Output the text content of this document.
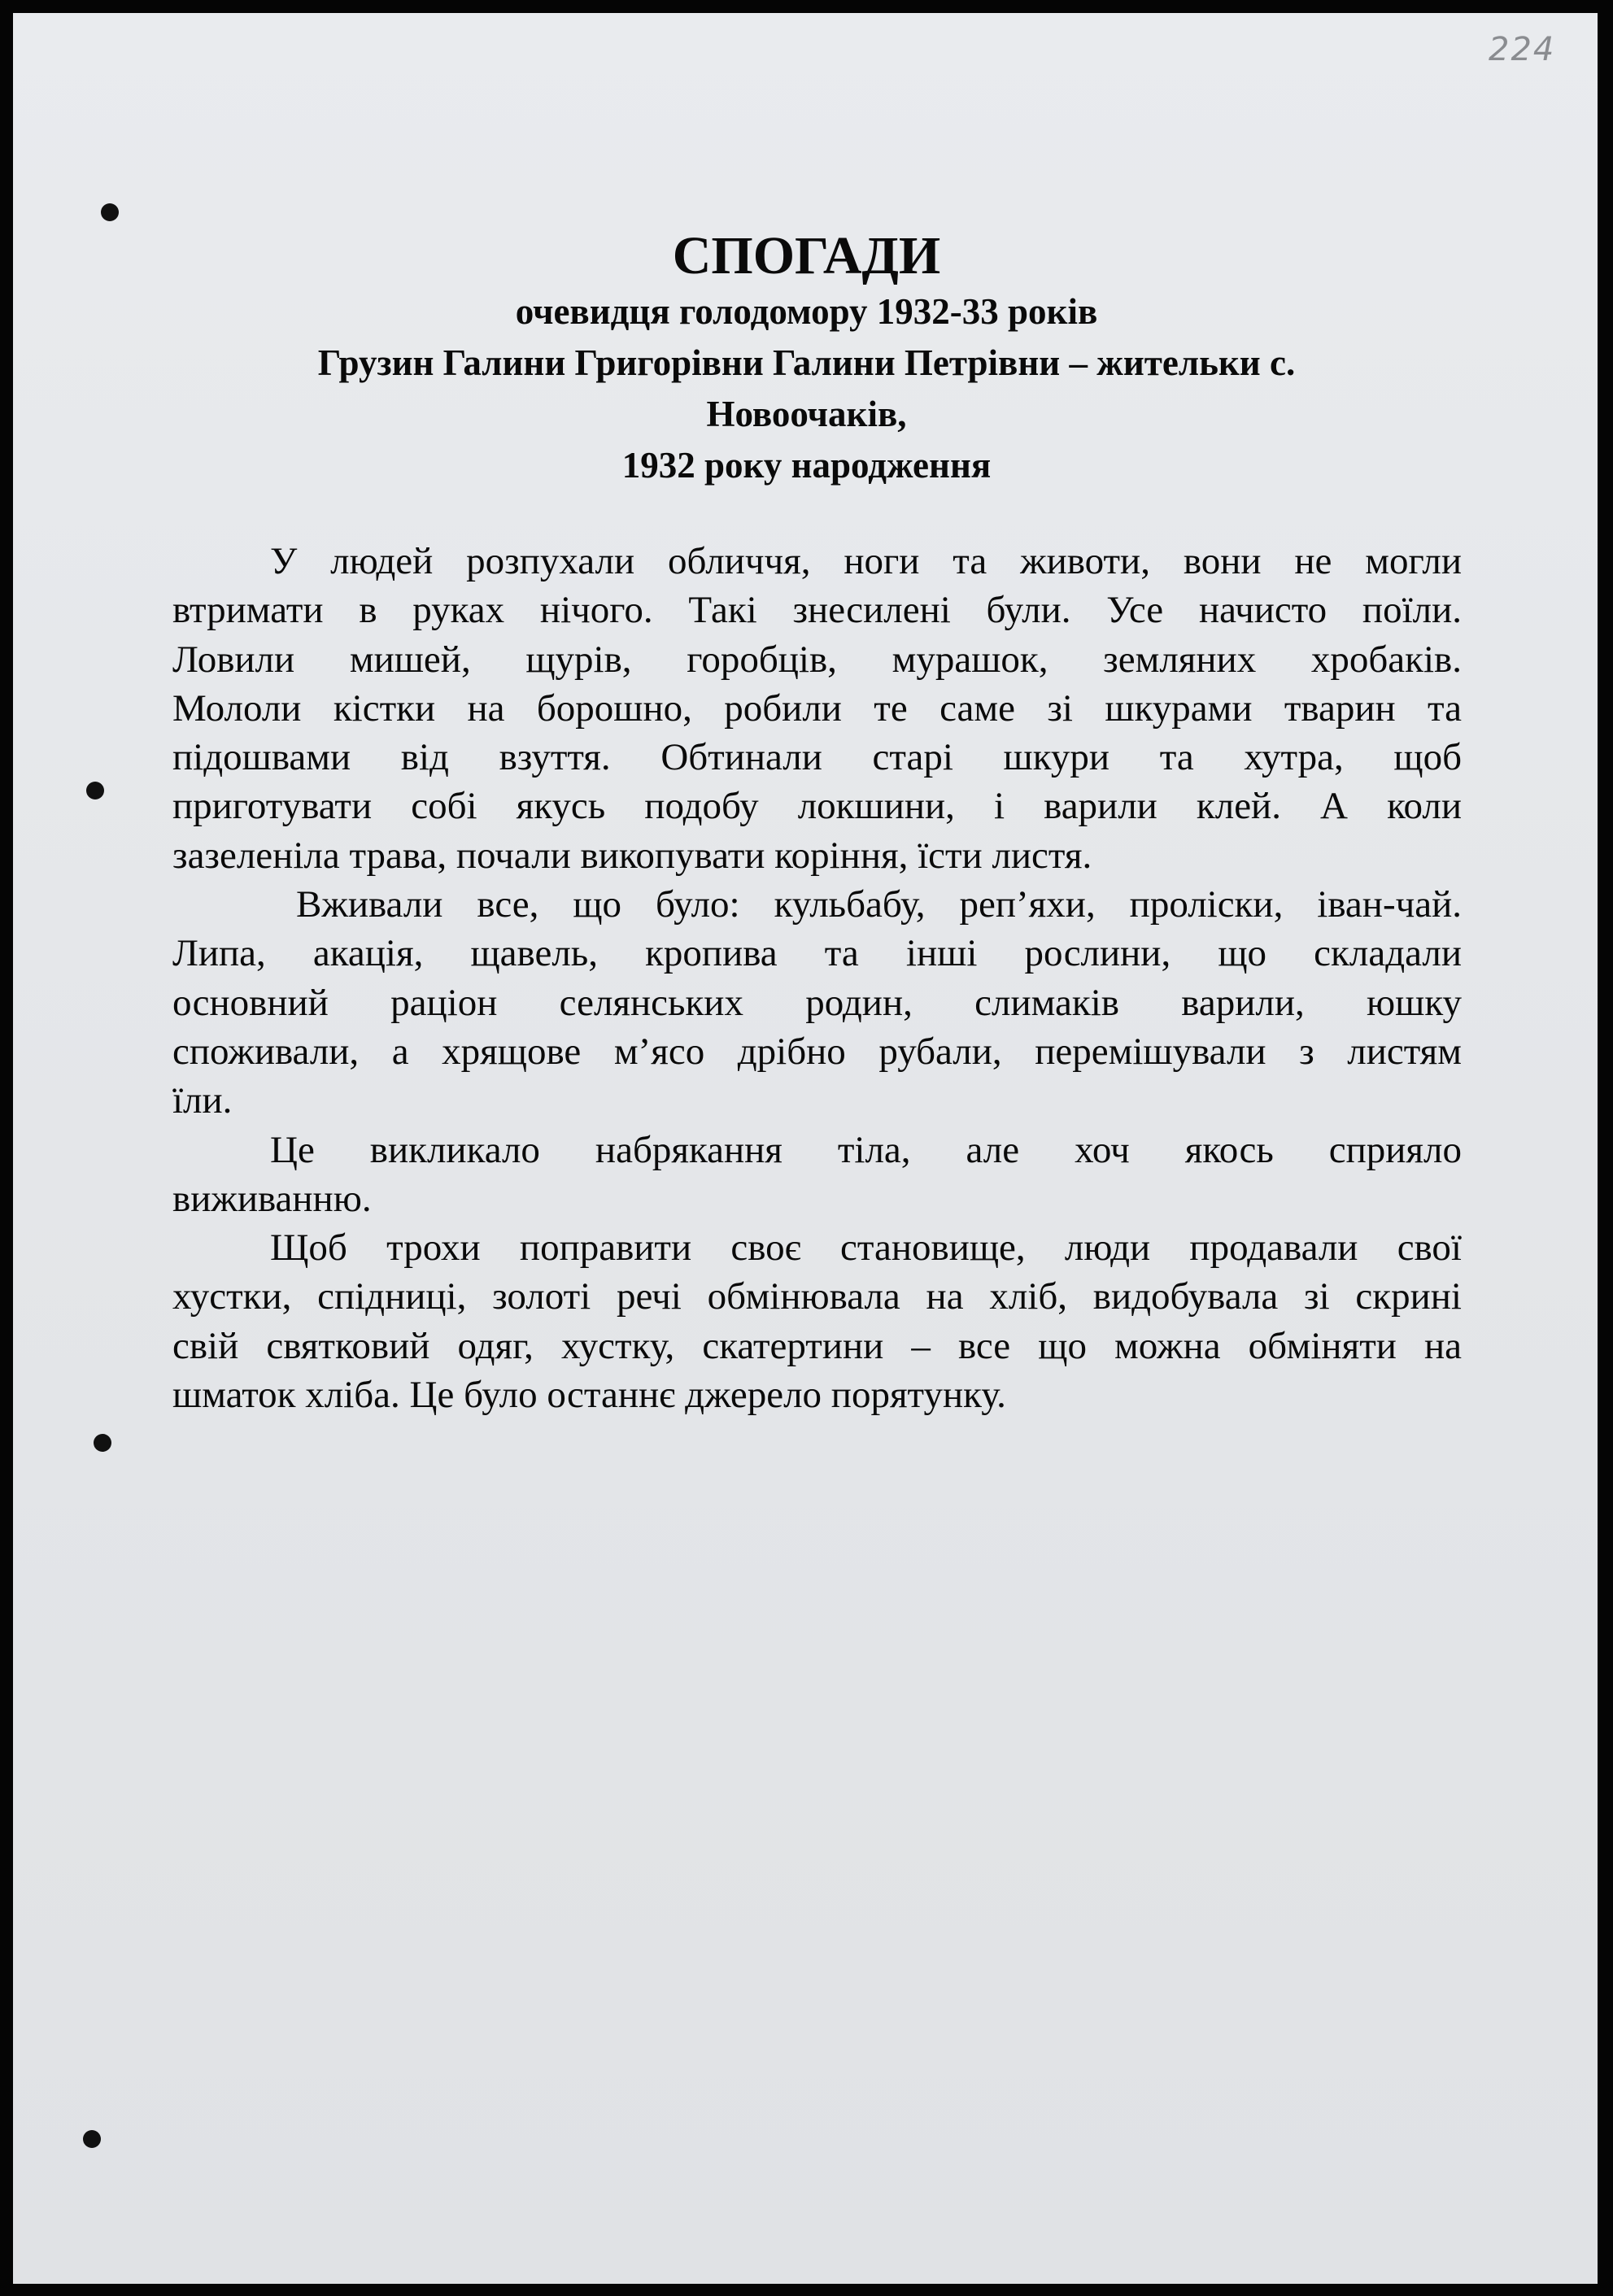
224
СПОГАДИ
очевидця голодомору 1932-33 років
Грузин Галини Григорівни Галини Петрівни – жительки с.
Новоочаків,
1932 року народження
У людей розпухали обличчя, ноги та животи, вони не могли
втримати в руках нічого. Такі знесилені були. Усе начисто поїли.
Ловили мишей, щурів, горобців, мурашок, земляних хробаків.
Мололи кістки на борошно, робили те саме зі шкурами тварин та
підошвами від взуття. Обтинали старі шкури та хутра, щоб
приготувати собі якусь подобу локшини, і варили клей. А коли
зазеленіла трава, почали викопувати коріння, їсти листя.
Вживали все, що було: кульбабу, реп’яхи, проліски, іван-чай.
Липа, акація, щавель, кропива та інші рослини, що складали
основний раціон селянських родин, слимаків варили, юшку
споживали, а хрящове м’ясо дрібно рубали, перемішували з листям
їли.
Це викликало набрякання тіла, але хоч якось сприяло
виживанню.
Щоб трохи поправити своє становище, люди продавали свої
хустки, спідниці, золоті речі обмінювала на хліб, видобувала зі скрині
свій святковий одяг, хустку, скатертини – все що можна обміняти на
шматок хліба. Це було останнє джерело порятунку.
